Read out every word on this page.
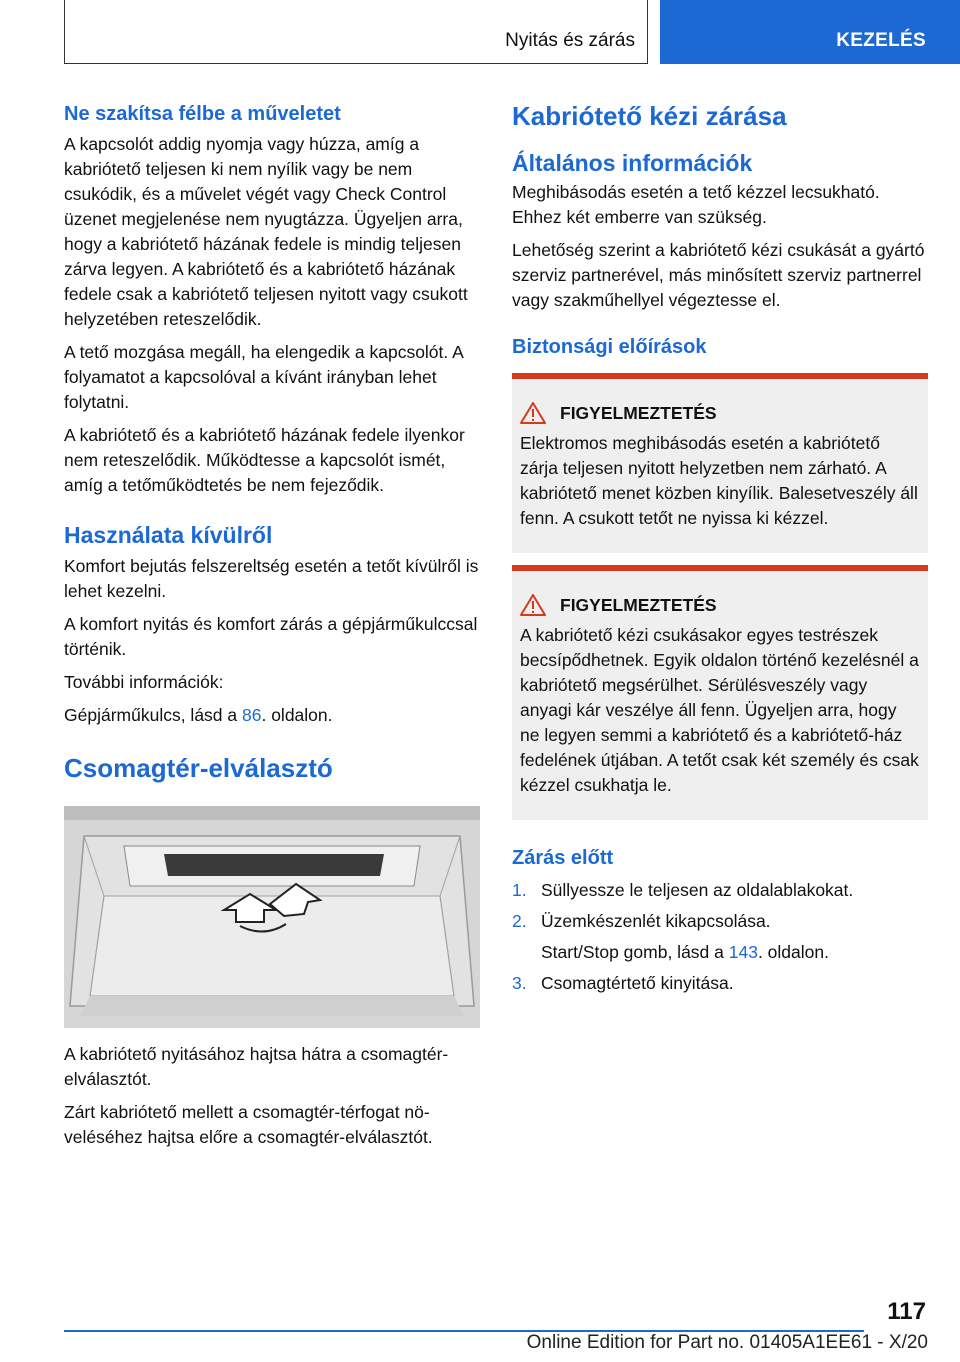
Nyitás és zárás	KEZELÉS
Ne szakítsa félbe a műveletet

A kapcsolót addig nyomja vagy húzza, amíg a kabriótető teljesen ki nem nyílik vagy be nem csukódik, és a művelet végét vagy Check Control üzenet megjelenése nem nyugtázza. Ügyeljen arra, hogy a kabriótető házának fedele is mindig teljesen zárva legyen. A kabriótető és a kabriótető házának fedele csak a kabriótető teljesen nyitott vagy csukott helyzetében reteszelődik.

A tető mozgása megáll, ha elengedik a kapcsolót. A folyamatot a kapcsolóval a kívánt irányban lehet folytatni.

A kabriótető és a kabriótető házának fedele ilyenkor nem reteszelődik. Működtesse a kapcsolót ismét, amíg a tetőműködtetés be nem fejeződik.

Használata kívülről

Komfort bejutás felszereltség esetén a tetőt kívülről is lehet kezelni.

A komfort nyitás és komfort zárás a gépjárműkulccsal történik.

További információk:

Gépjárműkulcs, lásd a 86. oldalon.

Csomagtér-elválasztó

A kabriótető nyitásához hajtsa hátra a csomagtér-elválasztót.

Zárt kabriótető mellett a csomagtér-térfogat növeléséhez hajtsa előre a csomagtér-elválasztót.

Kabriótető kézi zárása
Általános információk

Meghibásodás esetén a tető kézzel lecsukható. Ehhez két emberre van szükség.

Lehetőség szerint a kabriótető kézi csukását a gyártó szerviz partnerével, más minősített szerviz partnerrel vagy szakműhellyel végeztesse el.

Biztonsági előírások
FIGYELMEZTETÉS

Elektromos meghibásodás esetén a kabriótető zárja teljesen nyitott helyzetben nem zárható. A kabriótető menet közben kinyílik. Balesetveszély áll fenn. A csukott tetőt ne nyissa ki kézzel.

FIGYELMEZTETÉS

A kabriótető kézi csukásakor egyes testrészek becsípődhetnek. Egyik oldalon történő kezelésnél a kabriótető megsérülhet. Sérülésveszély vagy anyagi kár veszélye áll fenn. Ügyeljen arra, hogy ne legyen semmi a kabriótető és a kabriótető-ház fedelének útjában. A tetőt csak két személy és csak kézzel csukhatja le.

Zárás előtt
1. Süllyessze le teljesen az oldalablakokat.
2. Üzemkészenlét kikapcsolása.
Start/Stop gomb, lásd a 143. oldalon.
3. Csomagtértető kinyitása.
117
Online Edition for Part no. 01405A1EE61 - X/20
